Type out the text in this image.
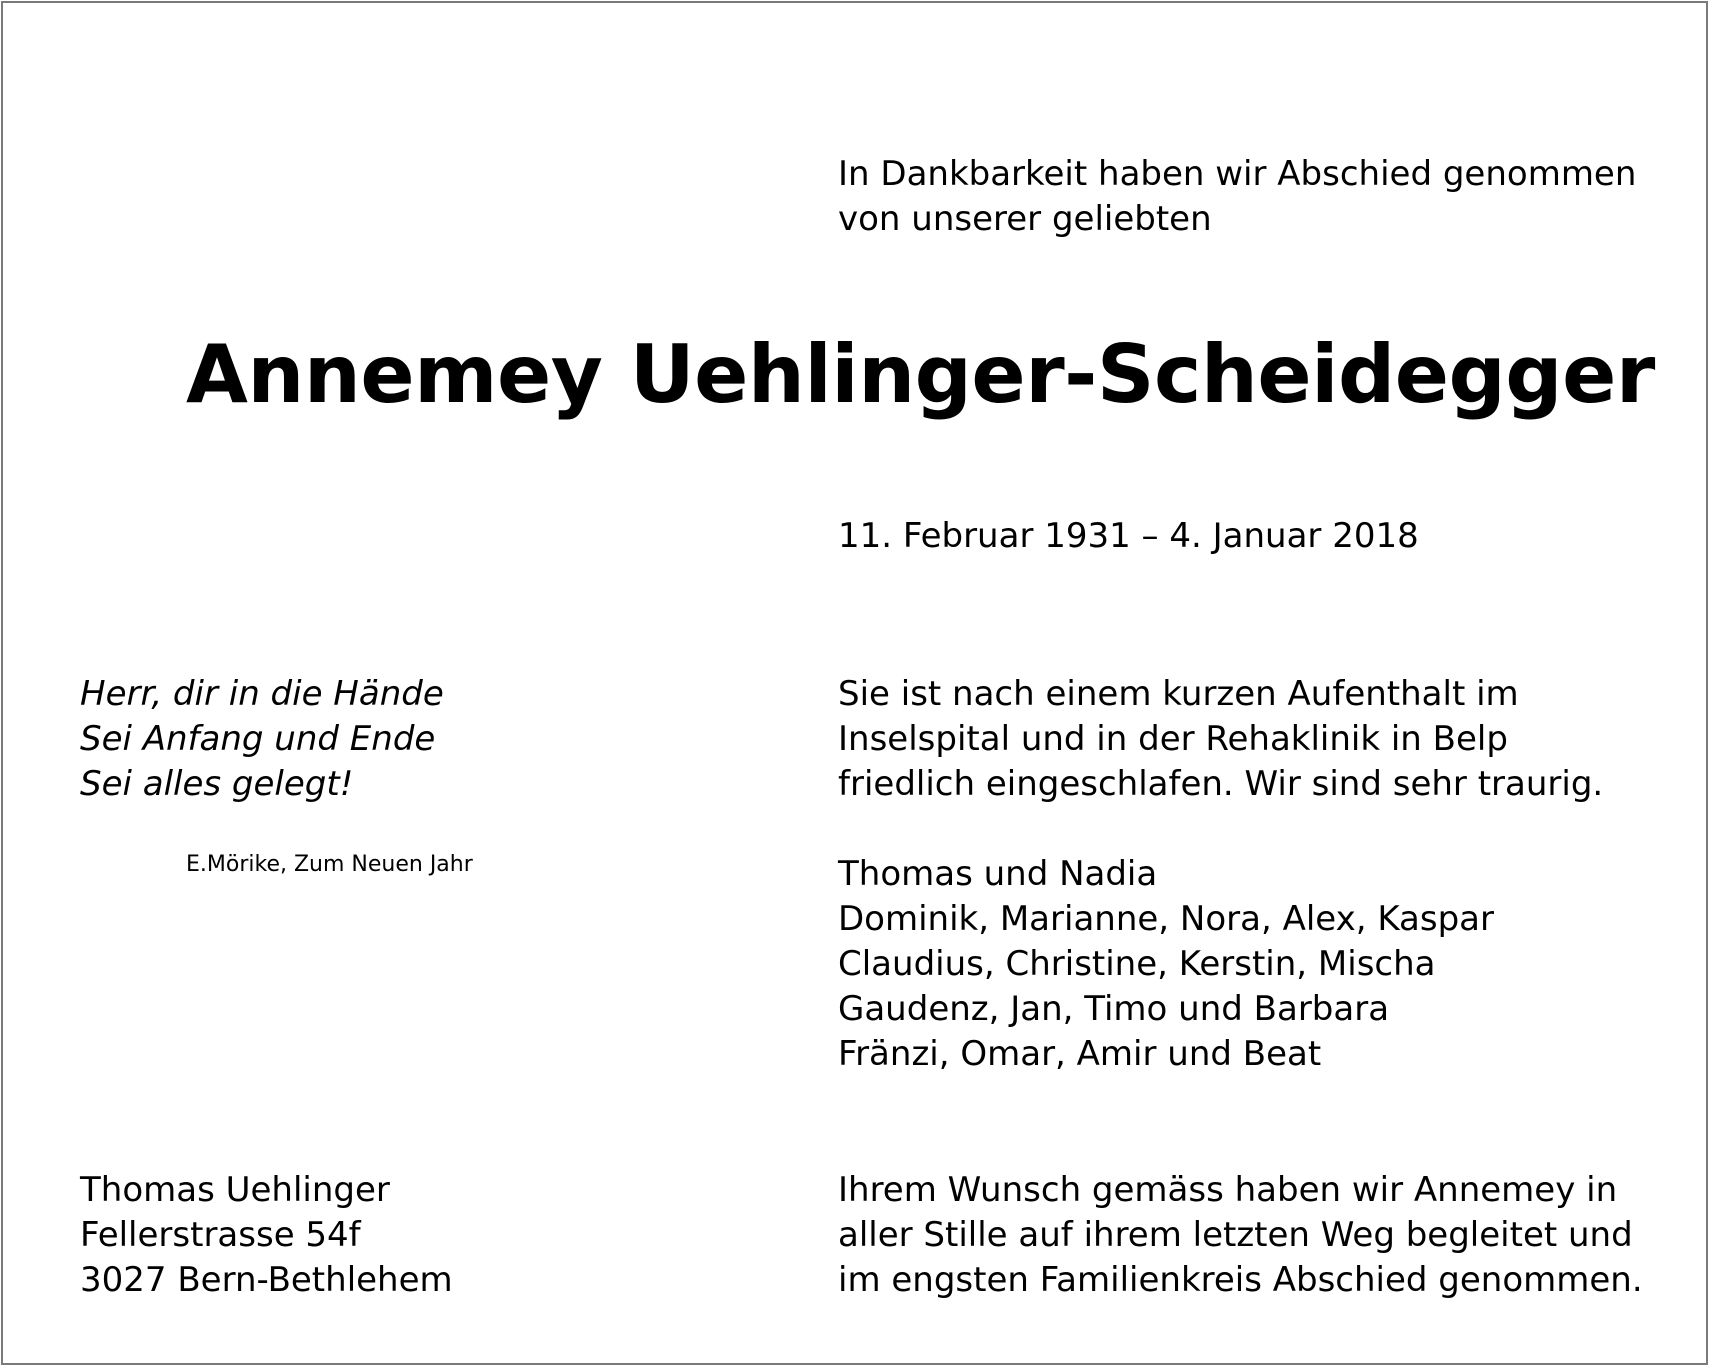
In Dankbarkeit haben wir Abschied genommen
von unserer geliebten

Annemey Uehlinger-Scheidegger

11. Februar 1931 – 4. Januar 2018

Herr, dir in die Hände
Sei Anfang und Ende
Sei alles gelegt!

E.Mörike, Zum Neuen Jahr

Sie ist nach einem kurzen Aufenthalt im
Inselspital und in der Rehaklinik in Belp
friedlich eingeschlafen. Wir sind sehr traurig.

Thomas und Nadia
Dominik, Marianne, Nora, Alex, Kaspar
Claudius, Christine, Kerstin, Mischa
Gaudenz, Jan, Timo und Barbara
Fränzi, Omar, Amir und Beat

Thomas Uehlinger
Fellerstrasse 54f
3027 Bern-Bethlehem

Ihrem Wunsch gemäss haben wir Annemey in
aller Stille auf ihrem letzten Weg begleitet und
im engsten Familienkreis Abschied genommen.
